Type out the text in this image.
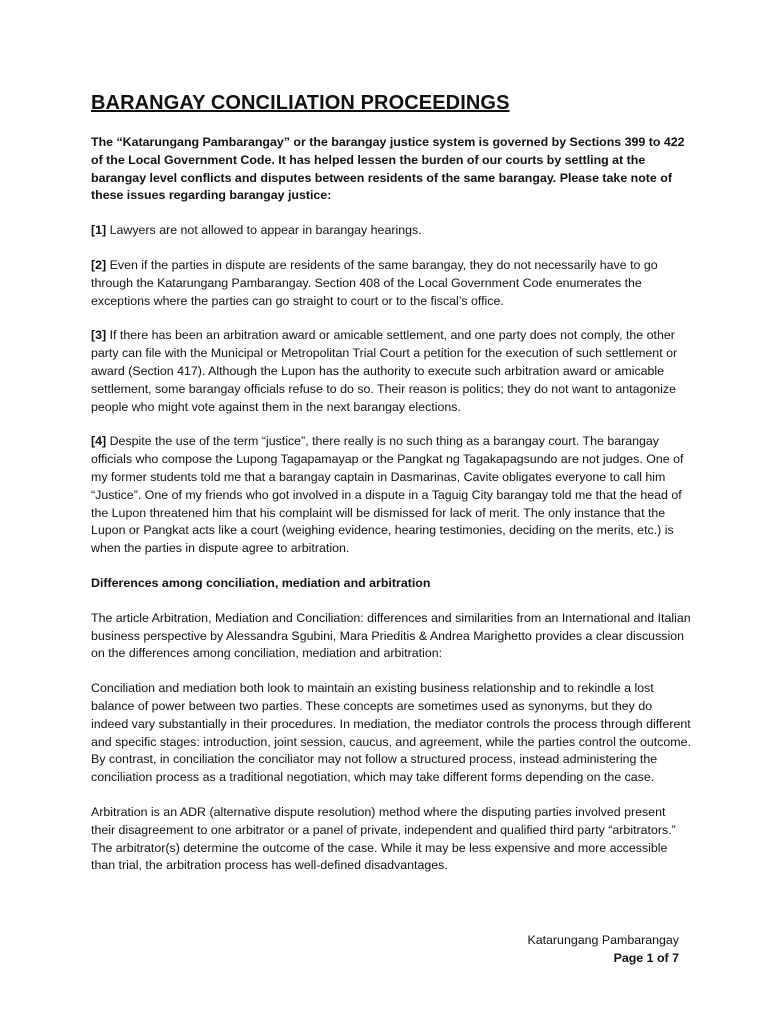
BARANGAY CONCILIATION PROCEEDINGS

The “Katarungang Pambarangay” or the barangay justice system is governed by Sections 399 to 422 of the Local Government Code. It has helped lessen the burden of our courts by settling at the barangay level conflicts and disputes between residents of the same barangay. Please take note of these issues regarding barangay justice:

[1] Lawyers are not allowed to appear in barangay hearings.

[2] Even if the parties in dispute are residents of the same barangay, they do not necessarily have to go through the Katarungang Pambarangay. Section 408 of the Local Government Code enumerates the exceptions where the parties can go straight to court or to the fiscal’s office.

[3] If there has been an arbitration award or amicable settlement, and one party does not comply, the other party can file with the Municipal or Metropolitan Trial Court a petition for the execution of such settlement or award (Section 417). Although the Lupon has the authority to execute such arbitration award or amicable settlement, some barangay officials refuse to do so. Their reason is politics; they do not want to antagonize people who might vote against them in the next barangay elections.

[4] Despite the use of the term “justice”, there really is no such thing as a barangay court. The barangay officials who compose the Lupong Tagapamayap or the Pangkat ng Tagakapagsundo are not judges. One of my former students told me that a barangay captain in Dasmarinas, Cavite obligates everyone to call him “Justice”. One of my friends who got involved in a dispute in a Taguig City barangay told me that the head of the Lupon threatened him that his complaint will be dismissed for lack of merit. The only instance that the Lupon or Pangkat acts like a court (weighing evidence, hearing testimonies, deciding on the merits, etc.) is when the parties in dispute agree to arbitration.

Differences among conciliation, mediation and arbitration

The article Arbitration, Mediation and Conciliation: differences and similarities from an International and Italian business perspective by Alessandra Sgubini, Mara Prieditis & Andrea Marighetto provides a clear discussion on the differences among conciliation, mediation and arbitration:

Conciliation and mediation both look to maintain an existing business relationship and to rekindle a lost balance of power between two parties. These concepts are sometimes used as synonyms, but they do indeed vary substantially in their procedures. In mediation, the mediator controls the process through different and specific stages: introduction, joint session, caucus, and agreement, while the parties control the outcome. By contrast, in conciliation the conciliator may not follow a structured process, instead administering the conciliation process as a traditional negotiation, which may take different forms depending on the case.

Arbitration is an ADR (alternative dispute resolution) method where the disputing parties involved present their disagreement to one arbitrator or a panel of private, independent and qualified third party “arbitrators.” The arbitrator(s) determine the outcome of the case. While it may be less expensive and more accessible than trial, the arbitration process has well-defined disadvantages.

Katarungang Pambarangay
Page 1 of 7
